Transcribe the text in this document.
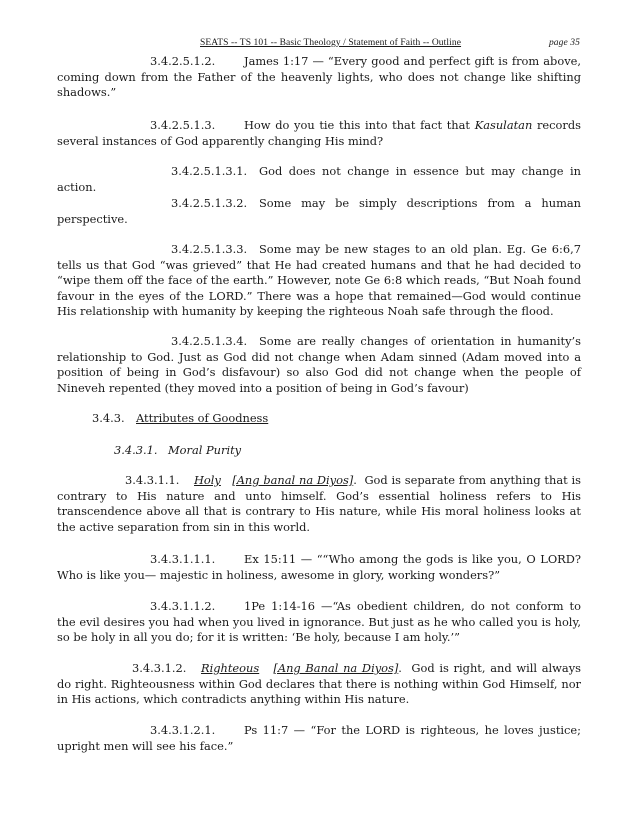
SEATS -- TS 101 -- Basic Theology / Statement of Faith -- Outline	page 35
3.4.2.5.1.2.	James 1:17 — “Every good and perfect gift is from above, coming down from the Father of the heavenly lights, who does not change like shifting shadows.”
3.4.2.5.1.3.	How do you tie this into that fact that Kasulatan records several instances of God apparently changing His mind?
3.4.2.5.1.3.1. God does not change in essence but may change in action.
3.4.2.5.1.3.2. Some may be simply descriptions from a human perspective.
3.4.2.5.1.3.3. Some may be new stages to an old plan. Eg. Ge 6:6,7 tells us that God “was grieved” that He had created humans and that he had decided to “wipe them off the face of the earth.” However, note Ge 6:8 which reads, “But Noah found favour in the eyes of the LORD.” There was a hope that remained—God would continue His relationship with humanity by keeping the righteous Noah safe through the flood.
3.4.2.5.1.3.4. Some are really changes of orientation in humanity’s relationship to God. Just as God did not change when Adam sinned (Adam moved into a position of being in God’s disfavour) so also God did not change when the people of Nineveh repented (they moved into a position of being in God’s favour)
3.4.3. Attributes of Goodness
3.4.3.1. Moral Purity
3.4.3.1.1. Holy [Ang banal na Diyos].  God is separate from anything that is contrary to His nature and unto himself. God’s essential holiness refers to His transcendence above all that is contrary to His nature, while His moral holiness looks at the active separation from sin in this world.
3.4.3.1.1.1.	Ex 15:11 — ““Who among the gods is like you, O LORD? Who is like you— majestic in holiness, awesome in glory, working wonders?”
3.4.3.1.1.2.	1Pe 1:14-16 —“As obedient children, do not conform to the evil desires you had when you lived in ignorance. But just as he who called you is holy, so be holy in all you do; for it is written: ‘Be holy, because I am holy.’”
3.4.3.1.2. Righteous [Ang Banal na Diyos].  God is right, and will always do right. Righteousness within God declares that there is nothing within God Himself, nor in His actions, which contradicts anything within His nature.
3.4.3.1.2.1.	Ps 11:7 — “For the LORD is righteous, he loves justice; upright men will see his face.”
